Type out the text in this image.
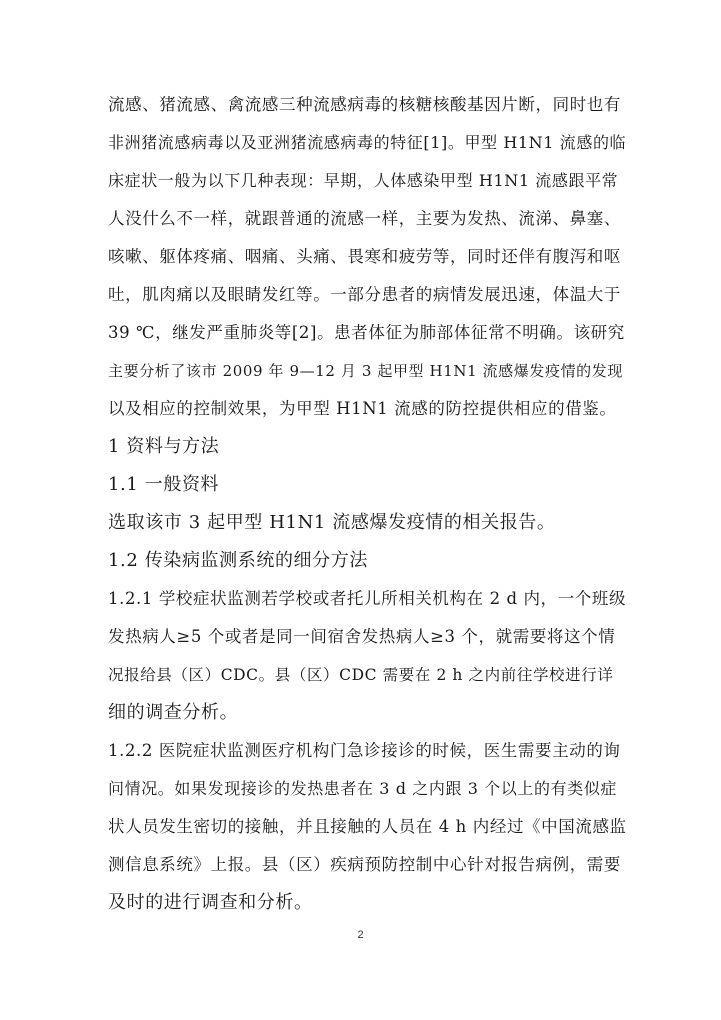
流感、猪流感、禽流感三种流感病毒的核糖核酸基因片断，同时也有
非洲猪流感病毒以及亚洲猪流感病毒的特征[1]。甲型 H1N1 流感的临
床症状一般为以下几种表现：早期，人体感染甲型 H1N1 流感跟平常
人没什么不一样，就跟普通的流感一样，主要为发热、流涕、鼻塞、
咳嗽、躯体疼痛、咽痛、头痛、畏寒和疲劳等，同时还伴有腹泻和呕
吐，肌肉痛以及眼睛发红等。一部分患者的病情发展迅速，体温大于
39 ℃，继发严重肺炎等[2]。患者体征为肺部体征常不明确。该研究
主要分析了该市 2009 年 9—12 月 3 起甲型 H1N1 流感爆发疫情的发现
以及相应的控制效果，为甲型 H1N1 流感的防控提供相应的借鉴。
1 资料与方法
1.1 一般资料
选取该市 3 起甲型 H1N1 流感爆发疫情的相关报告。
1.2 传染病监测系统的细分方法
1.2.1 学校症状监测若学校或者托儿所相关机构在 2 d 内，一个班级
发热病人≥5 个或者是同一间宿舍发热病人≥3 个，就需要将这个情
况报给县（区）CDC。县（区）CDC 需要在 2 h 之内前往学校进行详
细的调查分析。
1.2.2 医院症状监测医疗机构门急诊接诊的时候，医生需要主动的询
问情况。如果发现接诊的发热患者在 3 d 之内跟 3 个以上的有类似症
状人员发生密切的接触，并且接触的人员在 4 h 内经过《中国流感监
测信息系统》上报。县（区）疾病预防控制中心针对报告病例，需要
及时的进行调查和分析。
2
